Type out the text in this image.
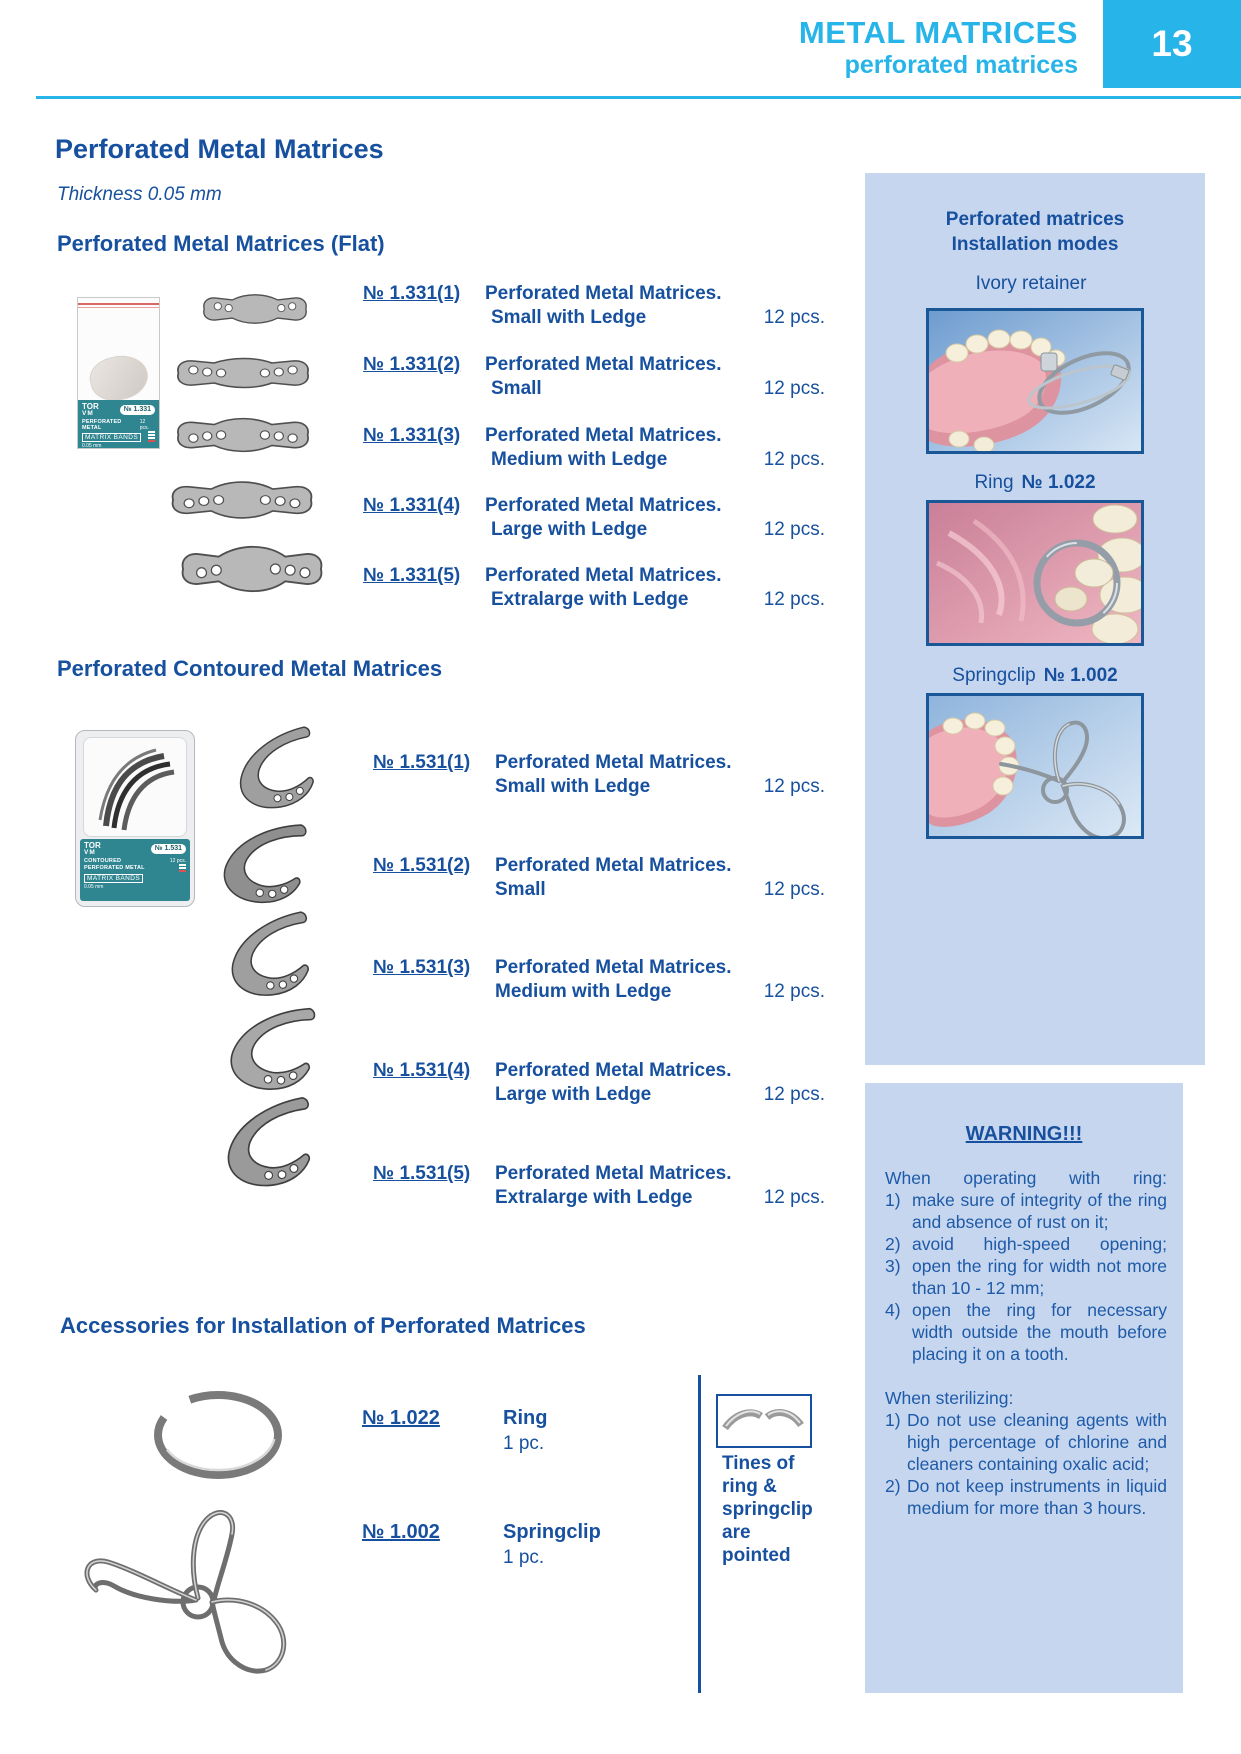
METAL MATRICES
perforated matrices
13
Perforated Metal Matrices
Thickness 0.05 mm
Perforated Metal Matrices (Flat)
TOR
VM
№ 1.331
PERFORATED METAL
12 pcs.
MATRIX BANDS
0.05 mm
№ 1.331(1)	Perforated Metal Matrices.
Small with Ledge	12 pcs.
№ 1.331(2)	Perforated Metal Matrices.
Small	12 pcs.
№ 1.331(3)	Perforated Metal Matrices.
Medium with Ledge	12 pcs.
№ 1.331(4)	Perforated Metal Matrices.
Large with Ledge	12 pcs.
№ 1.331(5)	Perforated Metal Matrices.
Extralarge with Ledge	12 pcs.
Perforated Contoured Metal Matrices
TOR
VM
№ 1.531
CONTOURED	12 pcs.
PERFORATED METAL
MATRIX BANDS
0.05 mm
№ 1.531(1)	Perforated Metal Matrices.
Small with Ledge	12 pcs.
№ 1.531(2)	Perforated Metal Matrices.
Small	12 pcs.
№ 1.531(3)	Perforated Metal Matrices.
Medium with Ledge	12 pcs.
№ 1.531(4)	Perforated Metal Matrices.
Large with Ledge	12 pcs.
№ 1.531(5)	Perforated Metal Matrices.
Extralarge with Ledge	12 pcs.
Accessories for Installation of Perforated Matrices
№ 1.022	Ring
1 pc.
№ 1.002	Springclip
1 pc.
Tines of ring & springclip are pointed
Perforated matrices
Installation modes
Ivory retainer
Ring № 1.022
Springclip № 1.002
WARNING!!!
When operating with ring:
1) make sure of integrity of the ring and absence of rust on it;
2) avoid high-speed opening;
3) open the ring for width not more than 10 - 12 mm;
4) open the ring for necessary width outside the mouth before placing it on a tooth.
When sterilizing:
1) Do not use cleaning agents with high percentage of chlorine and cleaners containing oxalic acid;
2) Do not keep instruments in liquid medium for more than 3 hours.
